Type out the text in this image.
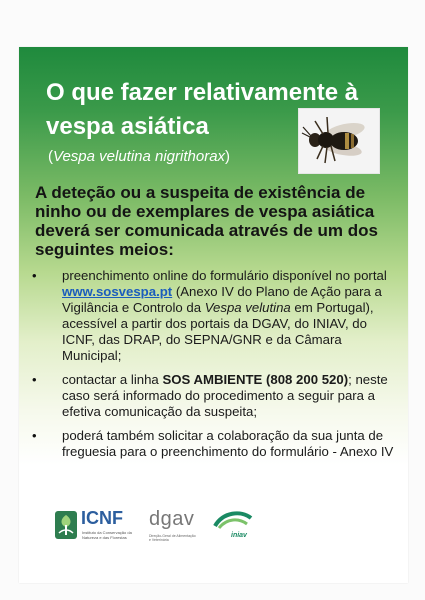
O que fazer relativamente à vespa asiática
(Vespa velutina nigrithorax)
A deteção ou a suspeita de existência de ninho ou de exemplares de vespa asiática deverá ser comunicada através de um dos seguintes meios:
• preenchimento online do formulário disponível no portal www.sosvespa.pt (Anexo IV do Plano de Ação para a Vigilância e Controlo da Vespa velutina em Portugal), acessível a partir dos portais da DGAV, do INIAV, do ICNF, das DRAP, do SEPNA/GNR e da Câmara Municipal;
• contactar a linha SOS AMBIENTE (808 200 520); neste caso será informado do procedimento a seguir para a efetiva comunicação da suspeita;
• poderá também solicitar a colaboração da sua junta de freguesia para o preenchimento do formulário - Anexo IV
ICNF
Instituto da Conservação da Natureza e das Florestas
dgav
Direção-Geral de Alimentação e Veterinária
iniav
